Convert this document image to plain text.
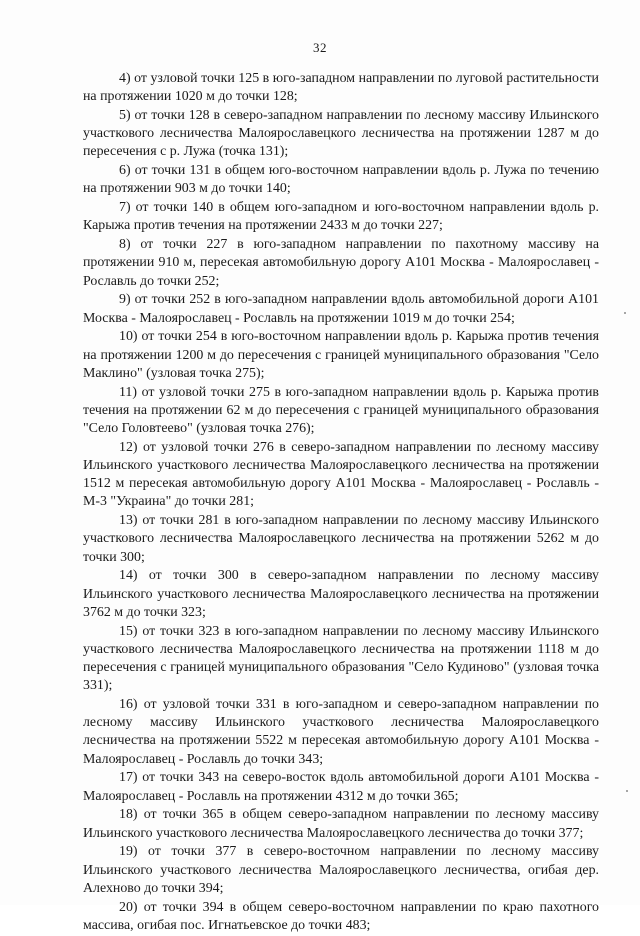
32

4) от узловой точки 125 в юго-западном направлении по луговой растительности на протяжении 1020 м до точки 128;

5) от точки 128 в северо-западном направлении по лесному массиву Ильинского участкового лесничества Малоярославецкого лесничества на протяжении 1287 м до пересечения с р. Лужа (точка 131);

6) от точки 131 в общем юго-восточном направлении вдоль р. Лужа по течению на протяжении 903 м до точки 140;

7) от точки 140 в общем юго-западном и юго-восточном направлении вдоль р. Карыжа против течения на протяжении 2433 м до точки 227;

8) от точки 227 в юго-западном направлении по пахотному массиву на протяжении 910 м, пересекая автомобильную дорогу А101 Москва - Малоярославец - Рославль до точки 252;

9) от точки 252 в юго-западном направлении вдоль автомобильной дороги А101 Москва - Малоярославец - Рославль на протяжении 1019 м до точки 254;

10) от точки 254 в юго-восточном направлении вдоль р. Карыжа против течения на протяжении 1200 м до пересечения с границей муниципального образования "Село Маклино" (узловая точка 275);

11) от узловой точки 275 в юго-западном направлении вдоль р. Карыжа против течения на протяжении 62 м до пересечения с границей муниципального образования "Село Головтеево" (узловая точка 276);

12) от узловой точки 276 в северо-западном направлении по лесному массиву Ильинского участкового лесничества Малоярославецкого лесничества на протяжении 1512 м пересекая автомобильную дорогу А101 Москва - Малоярославец - Рославль - М-3 "Украина" до точки 281;

13) от точки 281 в юго-западном направлении по лесному массиву Ильинского участкового лесничества Малоярославецкого лесничества на протяжении 5262 м до точки 300;

14) от точки 300 в северо-западном направлении по лесному массиву Ильинского участкового лесничества Малоярославецкого лесничества на протяжении 3762 м до точки 323;

15) от точки 323 в юго-западном направлении по лесному массиву Ильинского участкового лесничества Малоярославецкого лесничества на протяжении 1118 м до пересечения с границей муниципального образования "Село Кудиново" (узловая точка 331);

16) от узловой точки 331 в юго-западном и северо-западном направлении по лесному массиву Ильинского участкового лесничества Малоярославецкого лесничества на протяжении 5522 м пересекая автомобильную дорогу А101 Москва - Малоярославец - Рославль до точки 343;

17) от точки 343 на северо-восток вдоль автомобильной дороги А101 Москва - Малоярославец - Рославль на протяжении 4312 м до точки 365;

18) от точки 365 в общем северо-западном направлении по лесному массиву Ильинского участкового лесничества Малоярославецкого лесничества до точки 377;

19) от точки 377 в северо-восточном направлении по лесному массиву Ильинского участкового лесничества Малоярославецкого лесничества, огибая дер. Алехново до точки 394;

20) от точки 394 в общем северо-восточном направлении по краю пахотного массива, огибая пос. Игнатьевское до точки 483;
